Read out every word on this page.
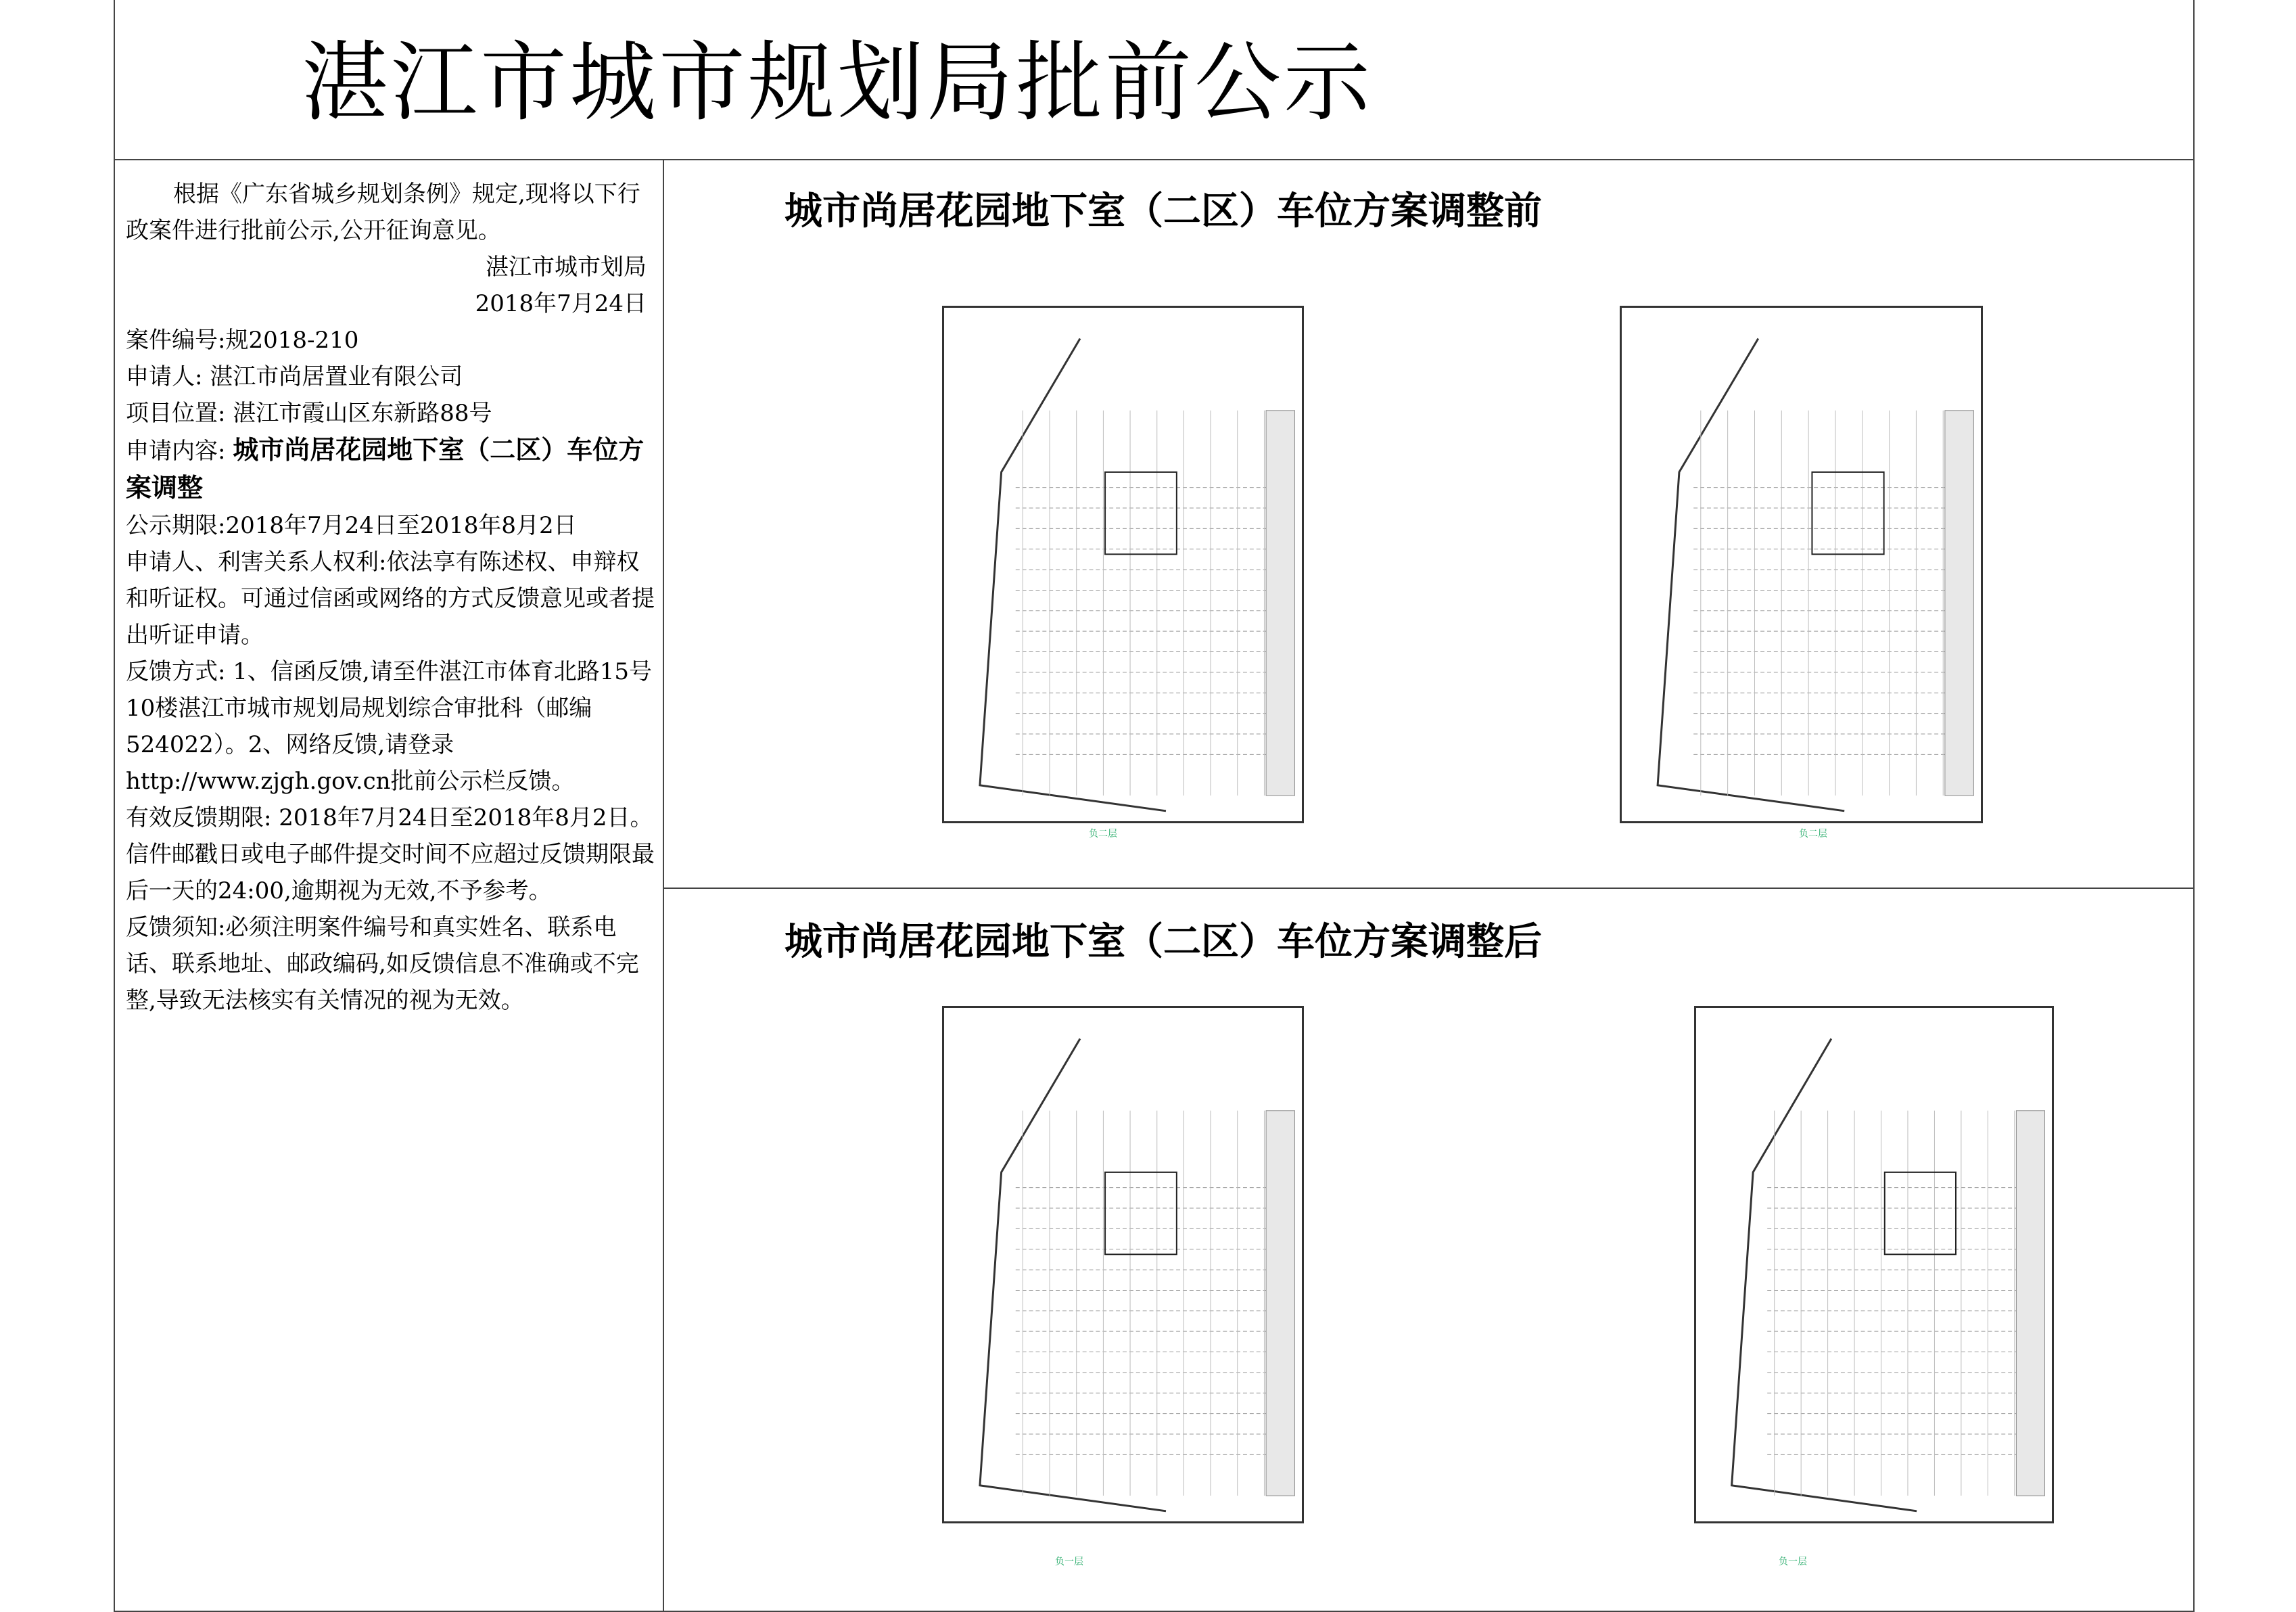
湛江市城市规划局批前公示

根据《广东省城乡规划条例》规定,现将以下行政案件进行批前公示,公开征询意见。

湛江市城市划局

2018年7月24日

案件编号:规2018-210

申请人: 湛江市尚居置业有限公司

项目位置: 湛江市霞山区东新路88号

申请内容: 城市尚居花园地下室（二区）车位方案调整

公示期限:2018年7月24日至2018年8月2日

申请人、利害关系人权利:依法享有陈述权、申辩权和听证权。可通过信函或网络的方式反馈意见或者提出听证申请。

反馈方式: 1、信函反馈,请至件湛江市体育北路15号10楼湛江市城市规划局规划综合审批科（邮编524022）。2、网络反馈,请登录http://www.zjgh.gov.cn批前公示栏反馈。

有效反馈期限: 2018年7月24日至2018年8月2日。信件邮戳日或电子邮件提交时间不应超过反馈期限最后一天的24:00,逾期视为无效,不予参考。

反馈须知:必须注明案件编号和真实姓名、联系电话、联系地址、邮政编码,如反馈信息不准确或不完整,导致无法核实有关情况的视为无效。

城市尚居花园地下室（二区）车位方案调整前
城市尚居花园地下室（二区）车位方案调整后
负二层	负二层
负一层	负一层
